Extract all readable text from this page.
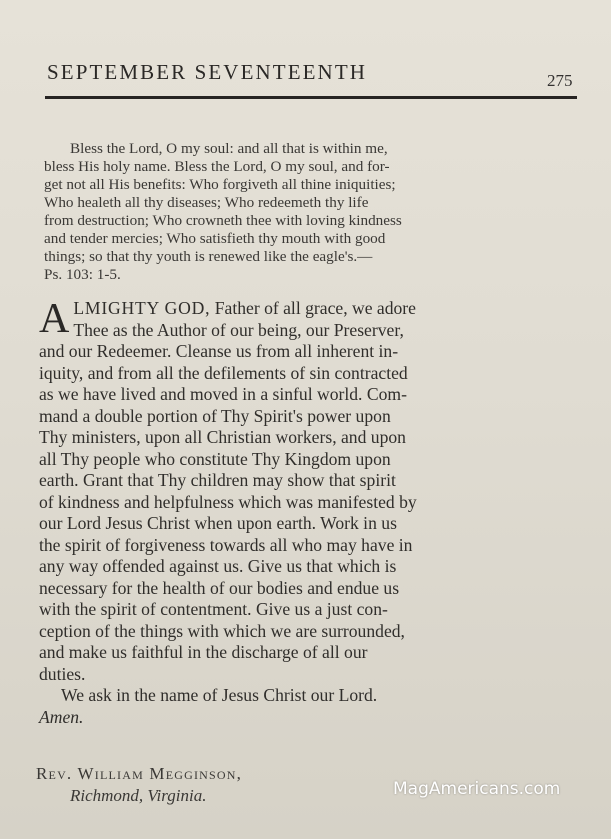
SEPTEMBER SEVENTEENTH	275
Bless the Lord, O my soul: and all that is within me,
bless His holy name. Bless the Lord, O my soul, and for-
get not all His benefits: Who forgiveth all thine iniquities;
Who healeth all thy diseases; Who redeemeth thy life
from destruction; Who crowneth thee with loving kindness
and tender mercies; Who satisfieth thy mouth with good
things; so that thy youth is renewed like the eagle's.—
Ps. 103: 1-5.
A LMIGHTY GOD, Father of all grace, we adore
Thee as the Author of our being, our Preserver,
and our Redeemer. Cleanse us from all inherent in-
iquity, and from all the defilements of sin contracted
as we have lived and moved in a sinful world. Com-
mand a double portion of Thy Spirit's power upon
Thy ministers, upon all Christian workers, and upon
all Thy people who constitute Thy Kingdom upon
earth. Grant that Thy children may show that spirit
of kindness and helpfulness which was manifested by
our Lord Jesus Christ when upon earth. Work in us
the spirit of forgiveness towards all who may have in
any way offended against us. Give us that which is
necessary for the health of our bodies and endue us
with the spirit of contentment. Give us a just con-
ception of the things with which we are surrounded,
and make us faithful in the discharge of all our
duties.
We ask in the name of Jesus Christ our Lord.
Amen.
Rev. William Megginson,
Richmond, Virginia.	MagAmericans.com
